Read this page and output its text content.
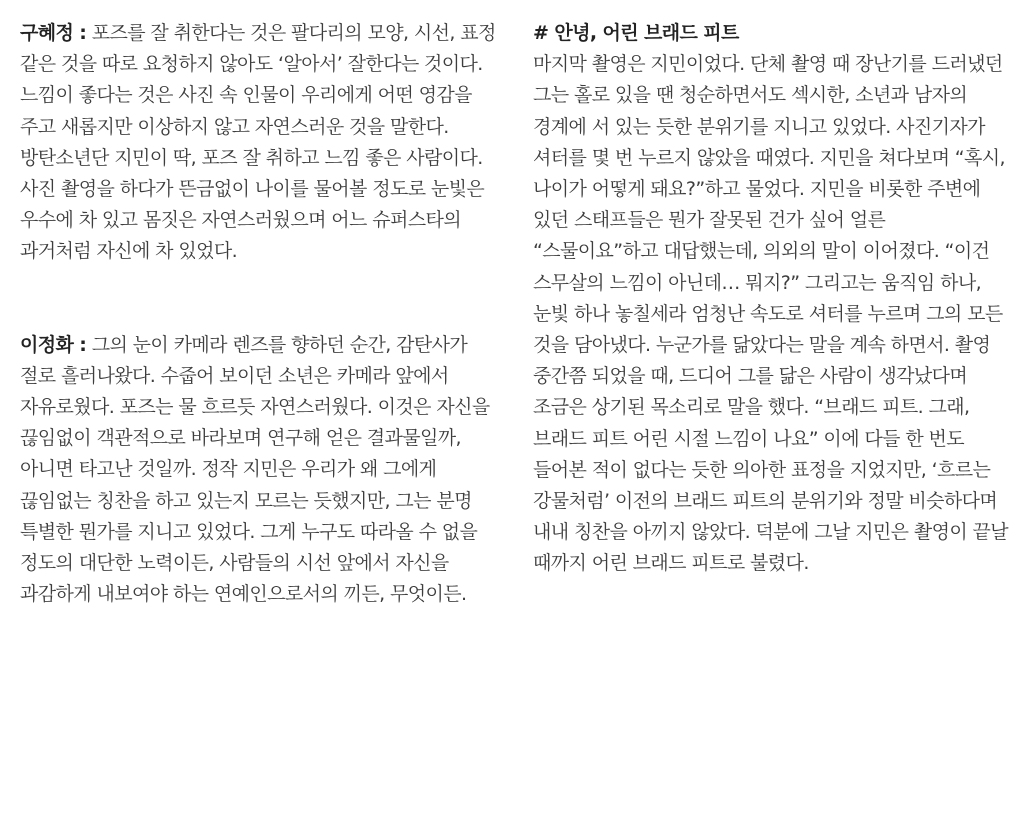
구혜정 : 포즈를 잘 취한다는 것은 팔다리의 모양, 시선, 표정 같은 것을 따로 요청하지 않아도 ‘알아서’ 잘한다는 것이다. 느낌이 좋다는 것은 사진 속 인물이 우리에게 어떤 영감을 주고 새롭지만 이상하지 않고 자연스러운 것을 말한다. 방탄소년단 지민이 딱, 포즈 잘 취하고 느낌 좋은 사람이다. 사진 촬영을 하다가 뜬금없이 나이를 물어볼 정도로 눈빛은 우수에 차 있고 몸짓은 자연스러웠으며 어느 슈퍼스타의 과거처럼 자신에 차 있었다.

이정화 : 그의 눈이 카메라 렌즈를 향하던 순간, 감탄사가 절로 흘러나왔다. 수줍어 보이던 소년은 카메라 앞에서 자유로웠다. 포즈는 물 흐르듯 자연스러웠다. 이것은 자신을 끊임없이 객관적으로 바라보며 연구해 얻은 결과물일까, 아니면 타고난 것일까. 정작 지민은 우리가 왜 그에게 끊임없는 칭찬을 하고 있는지 모르는 듯했지만, 그는 분명 특별한 뭔가를 지니고 있었다. 그게 누구도 따라올 수 없을 정도의 대단한 노력이든, 사람들의 시선 앞에서 자신을 과감하게 내보여야 하는 연예인으로서의 끼든, 무엇이든.

# 안녕, 어린 브래드 피트

마지막 촬영은 지민이었다. 단체 촬영 때 장난기를 드러냈던 그는 홀로 있을 땐 청순하면서도 섹시한, 소년과 남자의 경계에 서 있는 듯한 분위기를 지니고 있었다. 사진기자가 셔터를 몇 번 누르지 않았을 때였다. 지민을 쳐다보며 “혹시, 나이가 어떻게 돼요?”하고 물었다. 지민을 비롯한 주변에 있던 스태프들은 뭔가 잘못된 건가 싶어 얼른 “스물이요”하고 대답했는데, 의외의 말이 이어졌다. “이건 스무살의 느낌이 아닌데… 뭐지?” 그리고는 움직임 하나, 눈빛 하나 놓칠세라 엄청난 속도로 셔터를 누르며 그의 모든 것을 담아냈다. 누군가를 닮았다는 말을 계속 하면서. 촬영 중간쯤 되었을 때, 드디어 그를 닮은 사람이 생각났다며 조금은 상기된 목소리로 말을 했다. “브래드 피트. 그래, 브래드 피트 어린 시절 느낌이 나요” 이에 다들 한 번도 들어본 적이 없다는 듯한 의아한 표정을 지었지만, ‘흐르는 강물처럼’ 이전의 브래드 피트의 분위기와 정말 비슷하다며 내내 칭찬을 아끼지 않았다. 덕분에 그날 지민은 촬영이 끝날 때까지 어린 브래드 피트로 불렸다.
